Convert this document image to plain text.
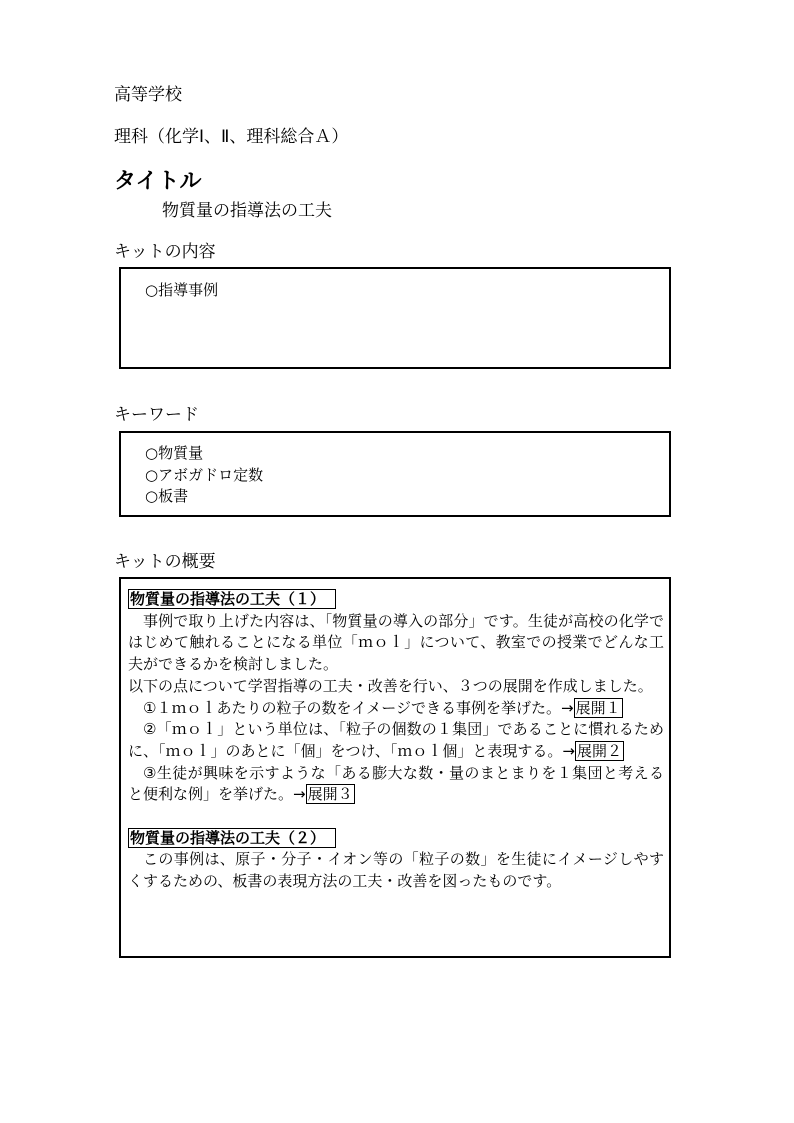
高等学校
理科（化学Ⅰ、Ⅱ、理科総合Ａ）
タイトル
物質量の指導法の工夫
キットの内容
○指導事例
キーワード
○物質量
○アボガドロ定数
○板書
キットの概要

物質量の指導法の工夫（１）

事例で取り上げた内容は、「物質量の導入の部分」です。生徒が高校の化学ではじめて触れることになる単位「ｍｏｌ」について、教室での授業でどんな工夫ができるかを検討しました。

以下の点について学習指導の工夫・改善を行い、３つの展開を作成しました。

①１ｍｏｌあたりの粒子の数をイメージできる事例を挙げた。→ 展開１

②「ｍｏｌ」という単位は、「粒子の個数の１集団」であることに慣れるために、「ｍｏｌ」のあとに「個」をつけ、「ｍｏｌ個」と表現する。→ 展開２

③生徒が興味を示すような「ある膨大な数・量のまとまりを１集団と考えると便利な例」を挙げた。→ 展開３

物質量の指導法の工夫（２）

この事例は、原子・分子・イオン等の「粒子の数」を生徒にイメージしやすくするための、板書の表現方法の工夫・改善を図ったものです。
